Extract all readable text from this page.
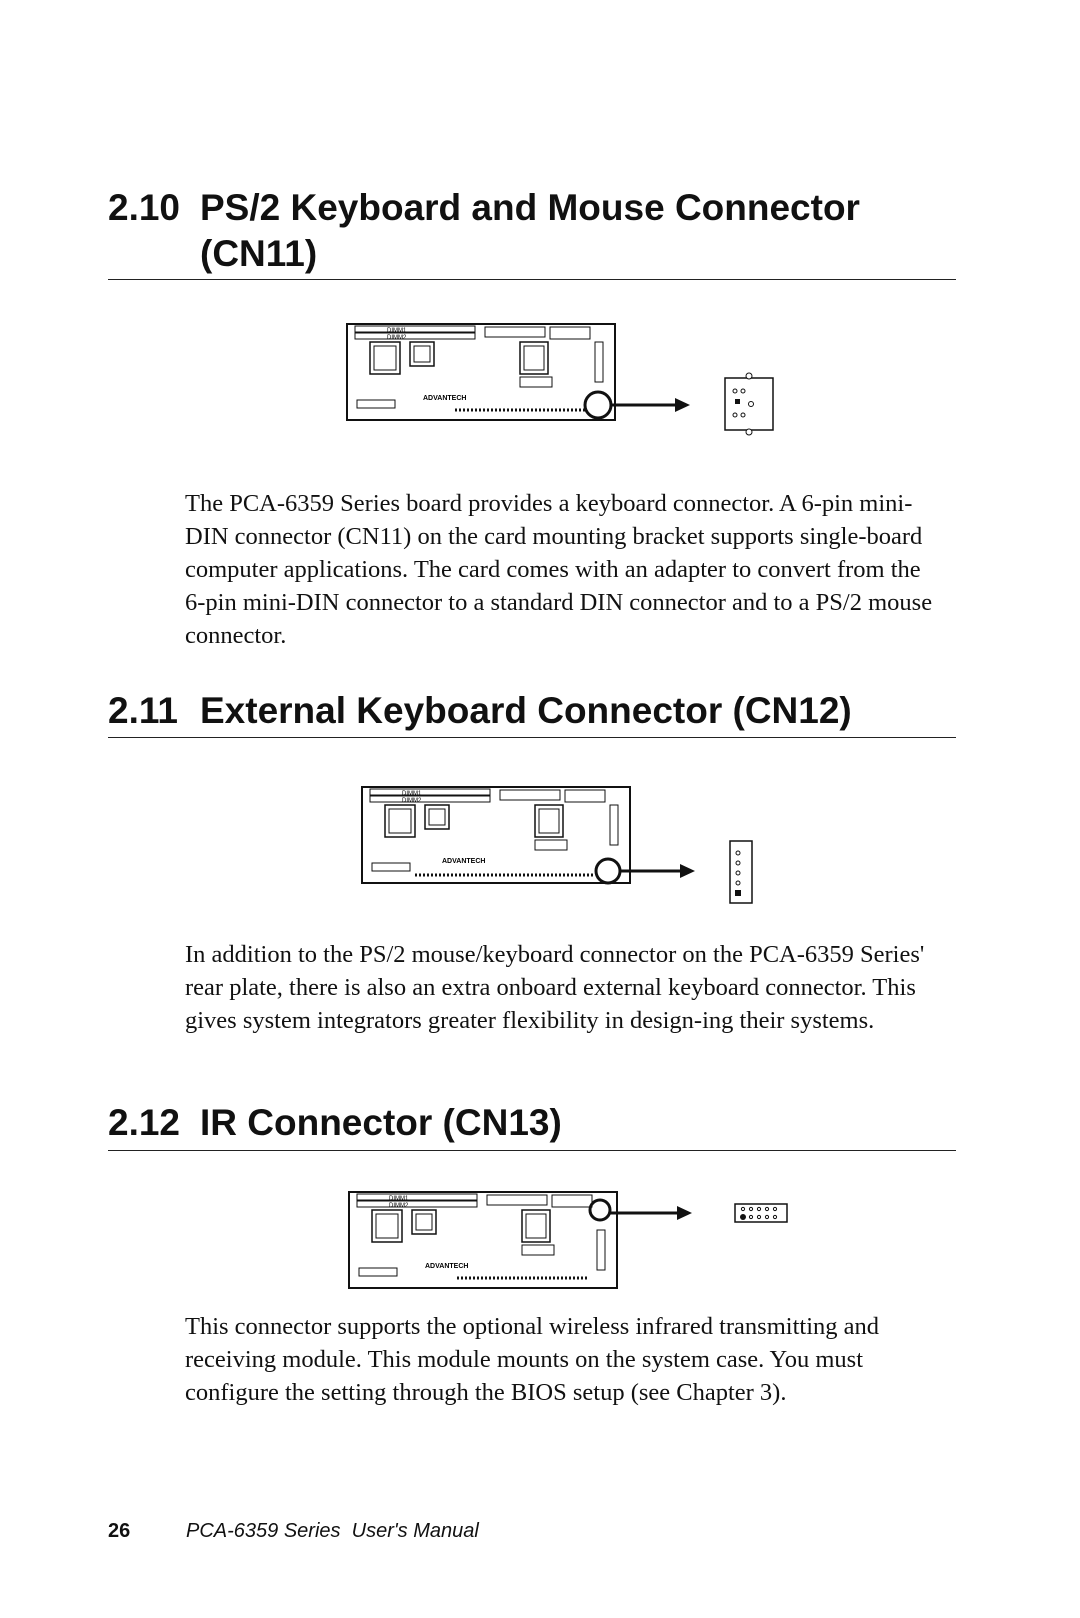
2.10 PS/2 Keyboard and Mouse Connector
(CN11)
DIMM1
DIMM2
ADVANTECH

The PCA-6359 Series board provides a keyboard connector. A 6-pin mini-DIN connector (CN11) on the card mounting bracket supports single-board computer applications. The card comes with an adapter to convert from the 6-pin mini-DIN connector to a standard DIN connector and to a PS/2 mouse connector.

2.11 External Keyboard Connector (CN12)
DIMM1
DIMM2
ADVANTECH

In addition to the PS/2 mouse/keyboard connector on the PCA-6359 Series' rear plate, there is also an extra onboard external keyboard connector. This gives system integrators greater flexibility in design-ing their systems.

2.12 IR Connector (CN13)
DIMM1
DIMM2
ADVANTECH

This connector supports the optional wireless infrared transmitting and receiving module. This module mounts on the system case. You must configure the setting through the BIOS setup (see Chapter 3).

26	PCA-6359 Series  User's Manual
